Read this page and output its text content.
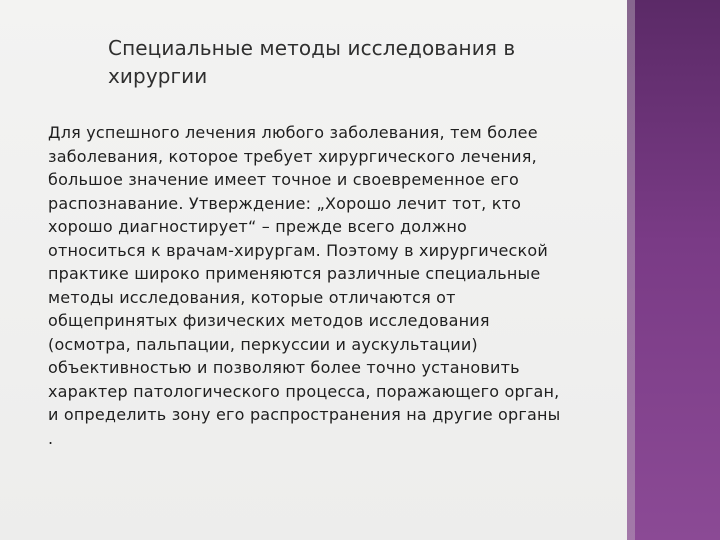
Специальные методы исследования в хирургии
Для успешного лечения любого заболевания, тем более заболевания, которое требует хирургического лечения, большое значение имеет точное и своевременное его распознавание. Утверждение: „Хорошо лечит тот, кто хорошо диагностирует“ – прежде всего должно относиться к врачам-хирургам. Поэтому в хирургической практике широко применяются различные специальные методы исследования, которые отличаются от общепринятых физических методов исследования (осмотра, пальпации, перкуссии и аускультации) объективностью и позволяют более точно установить характер патологического процесса, поражающего орган, и определить зону его распространения на другие органы .
